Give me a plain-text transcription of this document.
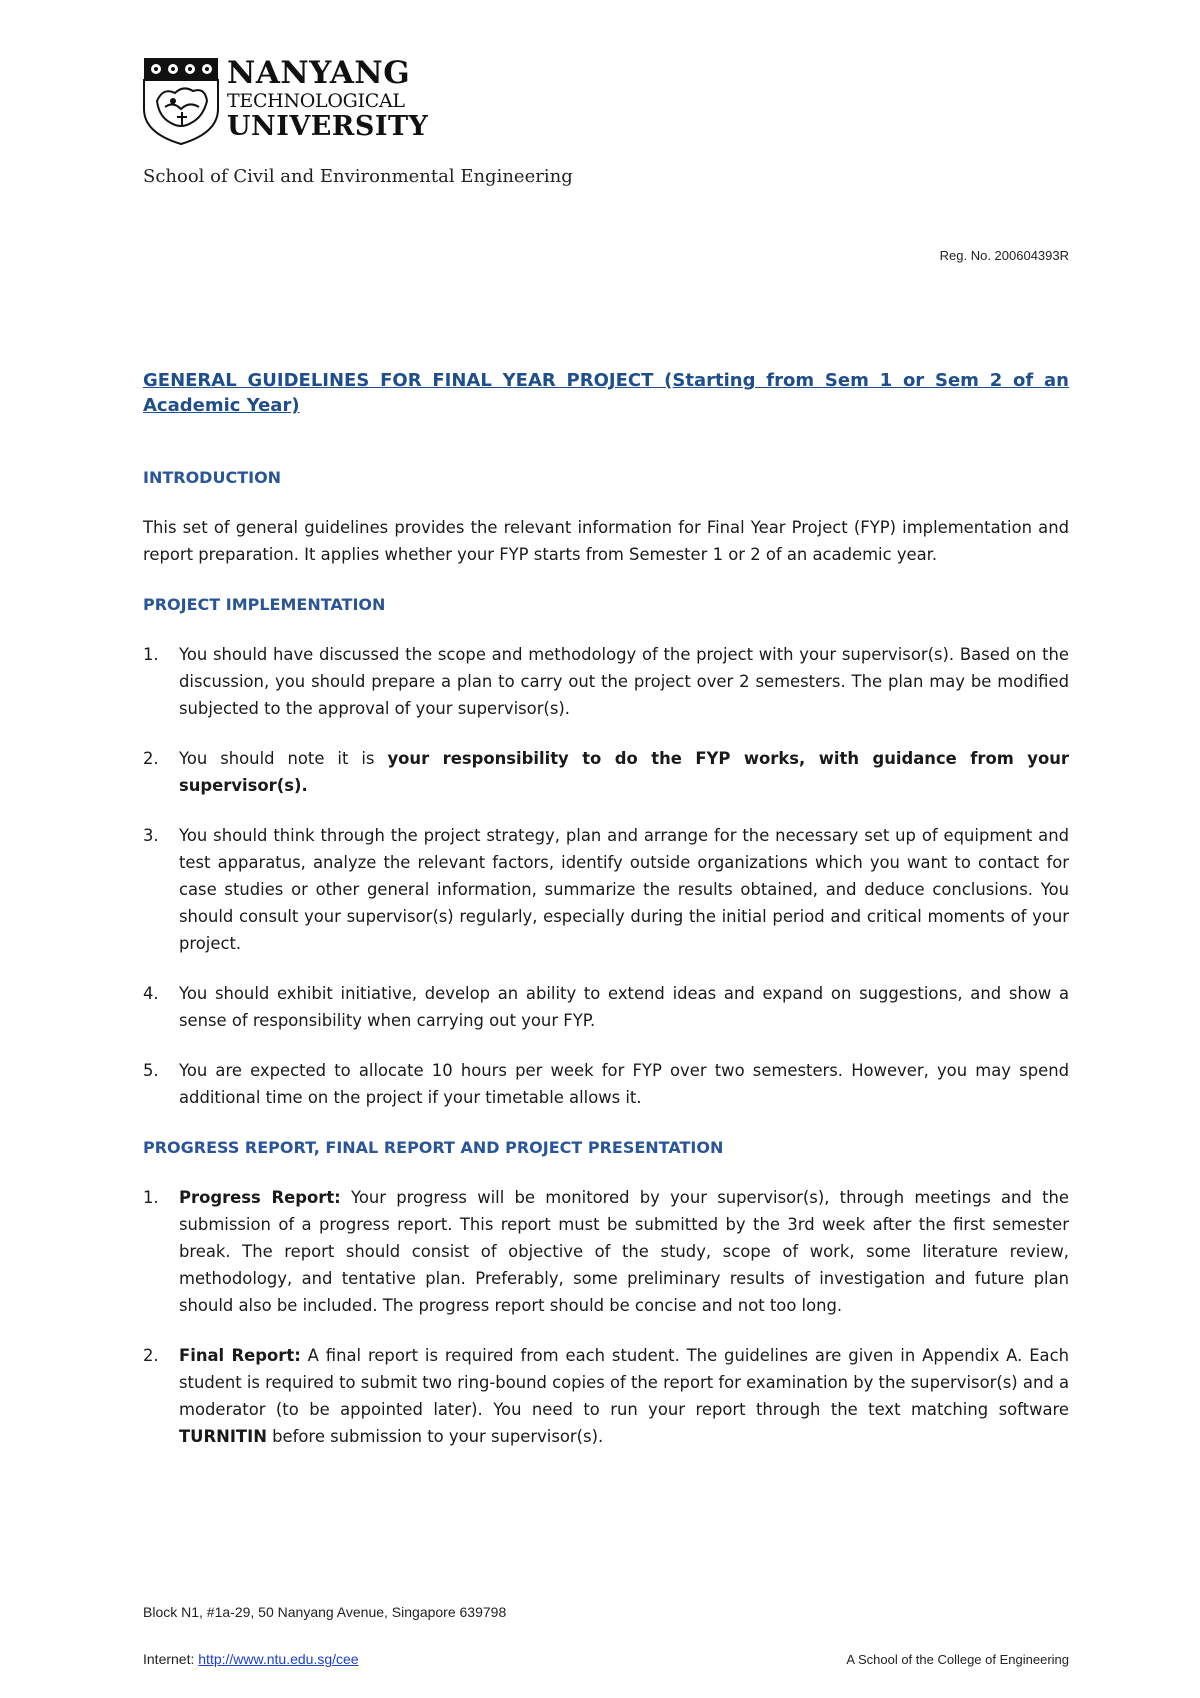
NANYANG
TECHNOLOGICAL
UNIVERSITY
School of Civil and Environmental Engineering
Reg. No. 200604393R

GENERAL GUIDELINES FOR FINAL YEAR PROJECT (Starting from Sem 1 or Sem 2 of an Academic Year)

INTRODUCTION

This set of general guidelines provides the relevant information for Final Year Project (FYP) implementation and report preparation. It applies whether your FYP starts from Semester 1 or 2 of an academic year.

PROJECT IMPLEMENTATION

1. You should have discussed the scope and methodology of the project with your supervisor(s). Based on the discussion, you should prepare a plan to carry out the project over 2 semesters. The plan may be modified subjected to the approval of your supervisor(s).
2. You should note it is your responsibility to do the FYP works, with guidance from your supervisor(s).
3. You should think through the project strategy, plan and arrange for the necessary set up of equipment and test apparatus, analyze the relevant factors, identify outside organizations which you want to contact for case studies or other general information, summarize the results obtained, and deduce conclusions. You should consult your supervisor(s) regularly, especially during the initial period and critical moments of your project.
4. You should exhibit initiative, develop an ability to extend ideas and expand on suggestions, and show a sense of responsibility when carrying out your FYP.
5. You are expected to allocate 10 hours per week for FYP over two semesters. However, you may spend additional time on the project if your timetable allows it.

PROGRESS REPORT, FINAL REPORT AND PROJECT PRESENTATION

1. Progress Report: Your progress will be monitored by your supervisor(s), through meetings and the submission of a progress report. This report must be submitted by the 3rd week after the first semester break. The report should consist of objective of the study, scope of work, some literature review, methodology, and tentative plan. Preferably, some preliminary results of investigation and future plan should also be included. The progress report should be concise and not too long.
2. Final Report: A final report is required from each student. The guidelines are given in Appendix A. Each student is required to submit two ring-bound copies of the report for examination by the supervisor(s) and a moderator (to be appointed later). You need to run your report through the text matching software TURNITIN before submission to your supervisor(s).
Block N1, #1a-29, 50 Nanyang Avenue, Singapore 639798
Internet: http://www.ntu.edu.sg/cee	A School of the College of Engineering
